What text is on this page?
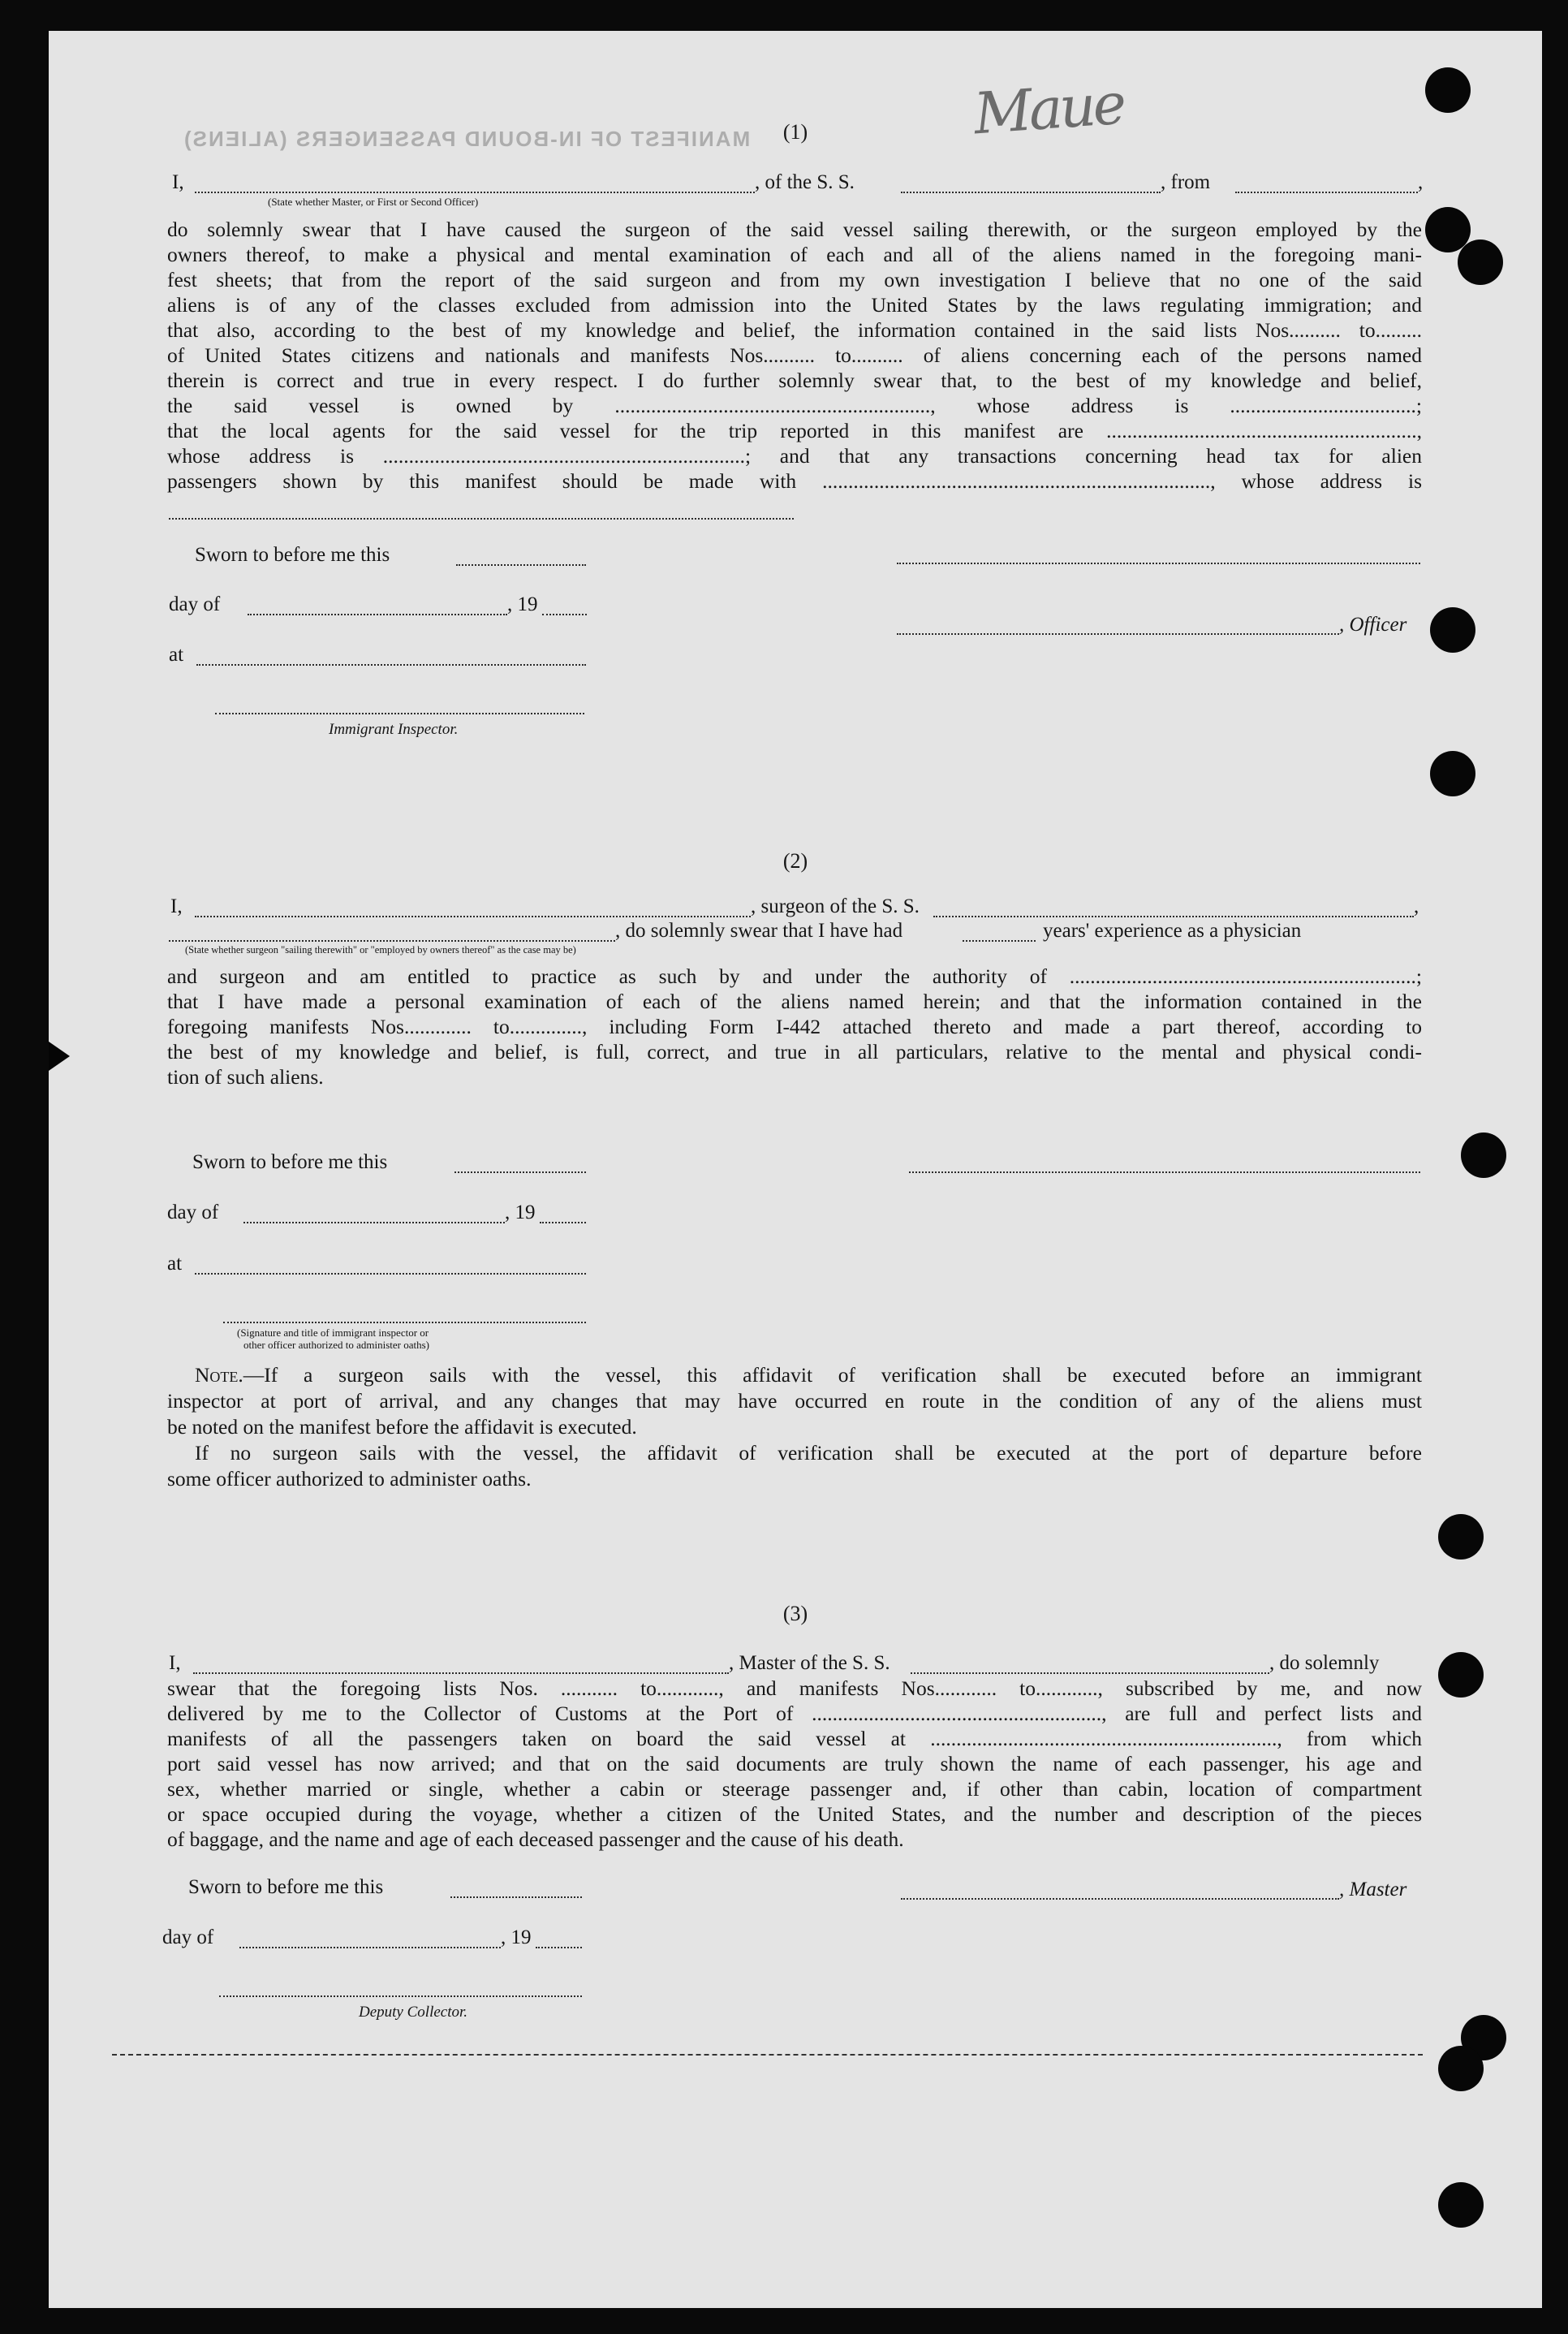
MANIFEST OF IN-BOUND PASSENGERS (ALIENS)	Maue
(1)
I,	, of the S. S.	, from	,
(State whether Master, or First or Second Officer)
do solemnly swear that I have caused the surgeon of the said vessel sailing therewith, or the surgeon employed by the
owners thereof, to make a physical and mental examination of each and all of the aliens named in the foregoing mani-
fest sheets; that from the report of the said surgeon and from my own investigation I believe that no one of the said
aliens is of any of the classes excluded from admission into the United States by the laws regulating immigration; and
that also, according to the best of my knowledge and belief, the information contained in the said lists Nos.......... to.........
of United States citizens and nationals and manifests Nos.......... to.......... of aliens concerning each of the persons named
therein is correct and true in every respect. I do further solemnly swear that, to the best of my knowledge and belief,
the said vessel is owned by ............................................................., whose address is ....................................;
that the local agents for the said vessel for the trip reported in this manifest are ............................................................,
whose address is ......................................................................; and that any transactions concerning head tax for alien
passengers shown by this manifest should be made with ..........................................................................., whose address is
Sworn to before me this
day of	, 19
, Officer
at
Immigrant Inspector.
(2)
I,	, surgeon of the S. S.	,
, do solemnly swear that I have had	years' experience as a physician
(State whether surgeon "sailing therewith" or "employed by owners thereof" as the case may be)
and surgeon and am entitled to practice as such by and under the authority of ...................................................................;
that I have made a personal examination of each of the aliens named herein; and that the information contained in the
foregoing manifests Nos............. to.............., including Form I-442 attached thereto and made a part thereof, according to
the best of my knowledge and belief, is full, correct, and true in all particulars, relative to the mental and physical condi-
tion of such aliens.
Sworn to before me this
day of	, 19
at
(Signature and title of immigrant inspector or
other officer authorized to administer oaths)
Note.—If a surgeon sails with the vessel, this affidavit of verification shall be executed before an immigrant
inspector at port of arrival, and any changes that may have occurred en route in the condition of any of the aliens must
be noted on the manifest before the affidavit is executed.
If no surgeon sails with the vessel, the affidavit of verification shall be executed at the port of departure before
some officer authorized to administer oaths.
(3)
I,	, Master of the S. S.	, do solemnly
swear that the foregoing lists Nos. ........... to............, and manifests Nos............ to............, subscribed by me, and now
delivered by me to the Collector of Customs at the Port of ........................................................, are full and perfect lists and
manifests of all the passengers taken on board the said vessel at ..................................................................., from which
port said vessel has now arrived; and that on the said documents are truly shown the name of each passenger, his age and
sex, whether married or single, whether a cabin or steerage passenger and, if other than cabin, location of compartment
or space occupied during the voyage, whether a citizen of the United States, and the number and description of the pieces
of baggage, and the name and age of each deceased passenger and the cause of his death.
Sworn to before me this	, Master
day of	, 19
Deputy Collector.
